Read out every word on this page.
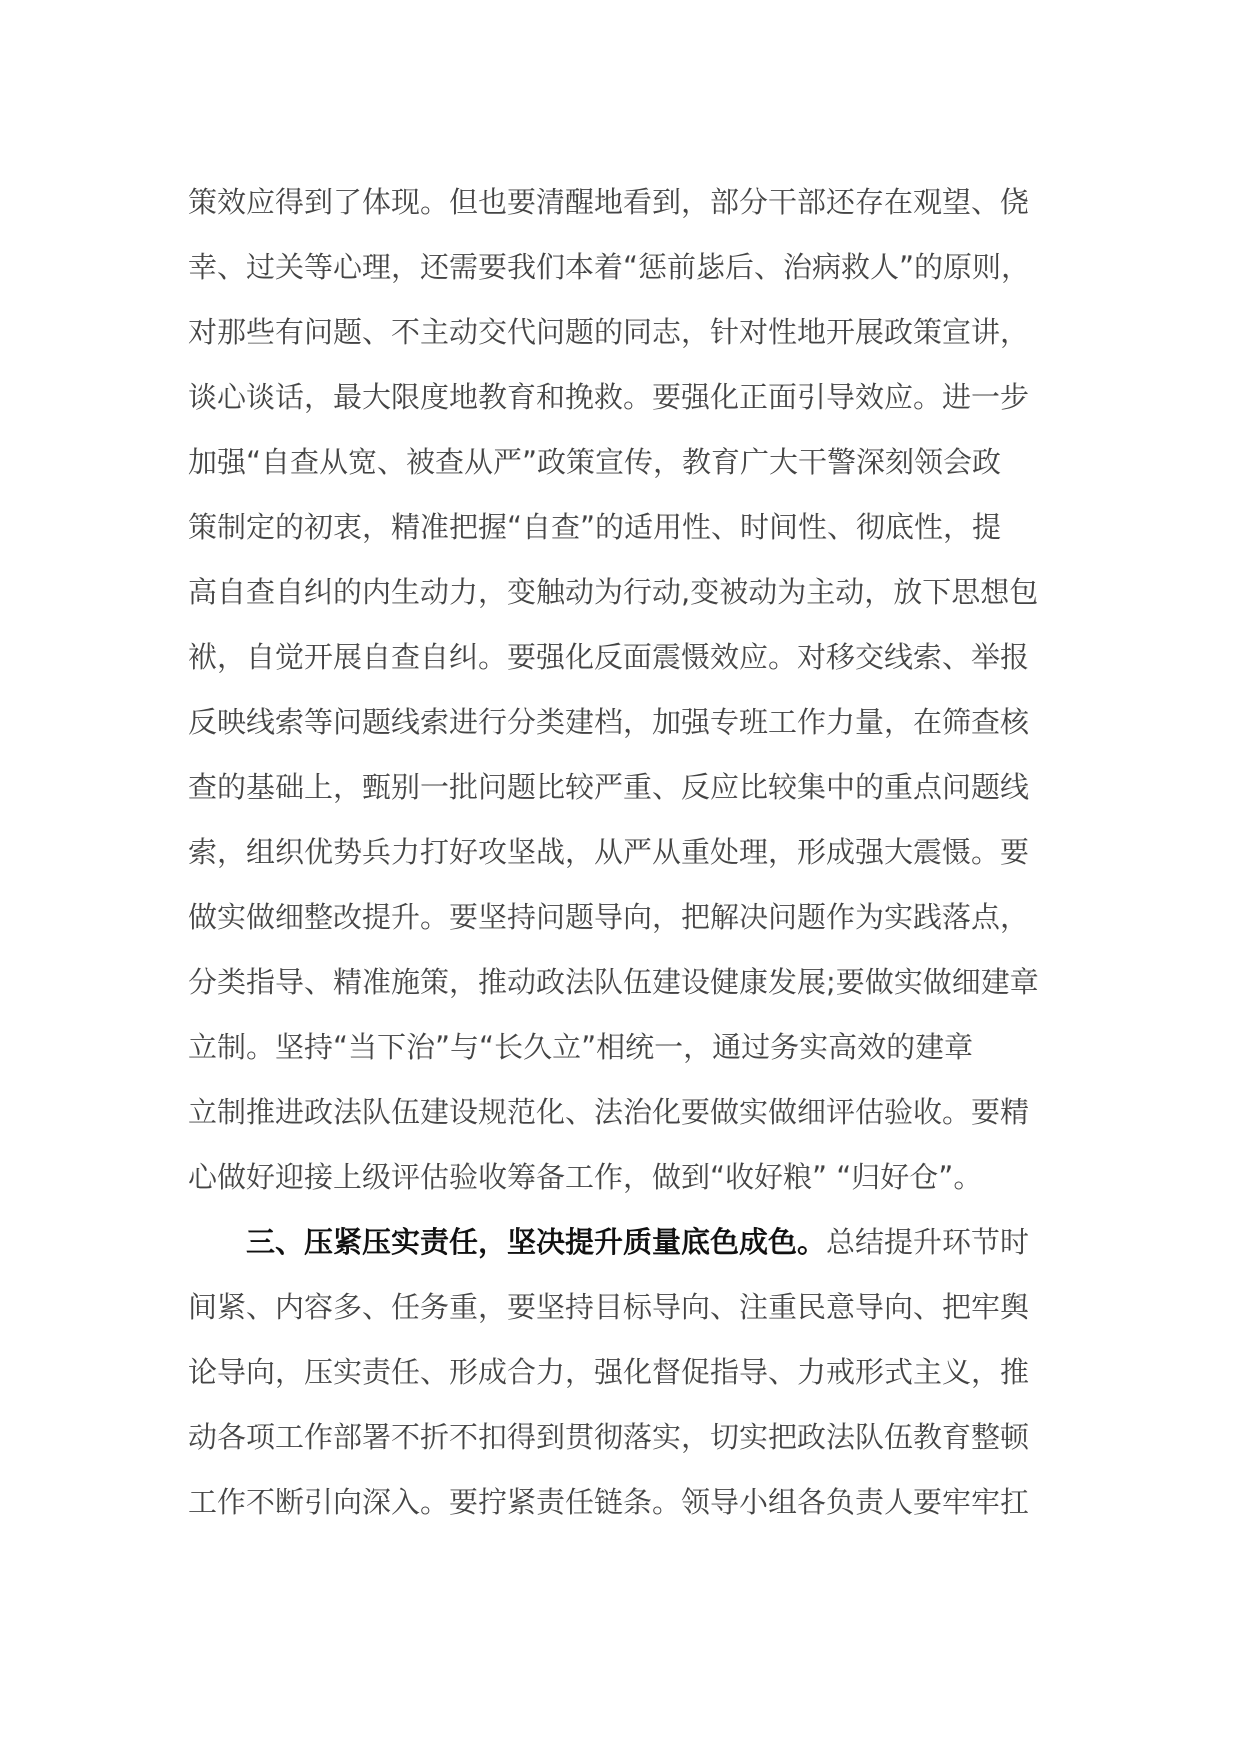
策效应得到了体现。但也要清醒地看到，部分干部还存在观望、侥
幸、过关等心理，还需要我们本着“惩前毖后、治病救人”的原则，
对那些有问题、不主动交代问题的同志，针对性地开展政策宣讲，
谈心谈话，最大限度地教育和挽救。要强化正面引导效应。进一步
加强“自查从宽、被查从严”政策宣传，教育广大干警深刻领会政
策制定的初衷，精准把握“自查”的适用性、时间性、彻底性，提
高自查自纠的内生动力，变触动为行动,变被动为主动，放下思想包
袱，自觉开展自查自纠。要强化反面震慑效应。对移交线索、举报
反映线索等问题线索进行分类建档，加强专班工作力量，在筛查核
查的基础上，甄别一批问题比较严重、反应比较集中的重点问题线
索，组织优势兵力打好攻坚战，从严从重处理，形成强大震慑。要
做实做细整改提升。要坚持问题导向，把解决问题作为实践落点，
分类指导、精准施策，推动政法队伍建设健康发展;要做实做细建章
立制。坚持“当下治”与“长久立”相统一，通过务实高效的建章
立制推进政法队伍建设规范化、法治化要做实做细评估验收。要精
心做好迎接上级评估验收筹备工作，做到“收好粮” “归好仓”。
三、压紧压实责任，坚决提升质量底色成色。总结提升环节时
间紧、内容多、任务重，要坚持目标导向、注重民意导向、把牢舆
论导向，压实责任、形成合力，强化督促指导、力戒形式主义，推
动各项工作部署不折不扣得到贯彻落实，切实把政法队伍教育整顿
工作不断引向深入。要拧紧责任链条。领导小组各负责人要牢牢扛
